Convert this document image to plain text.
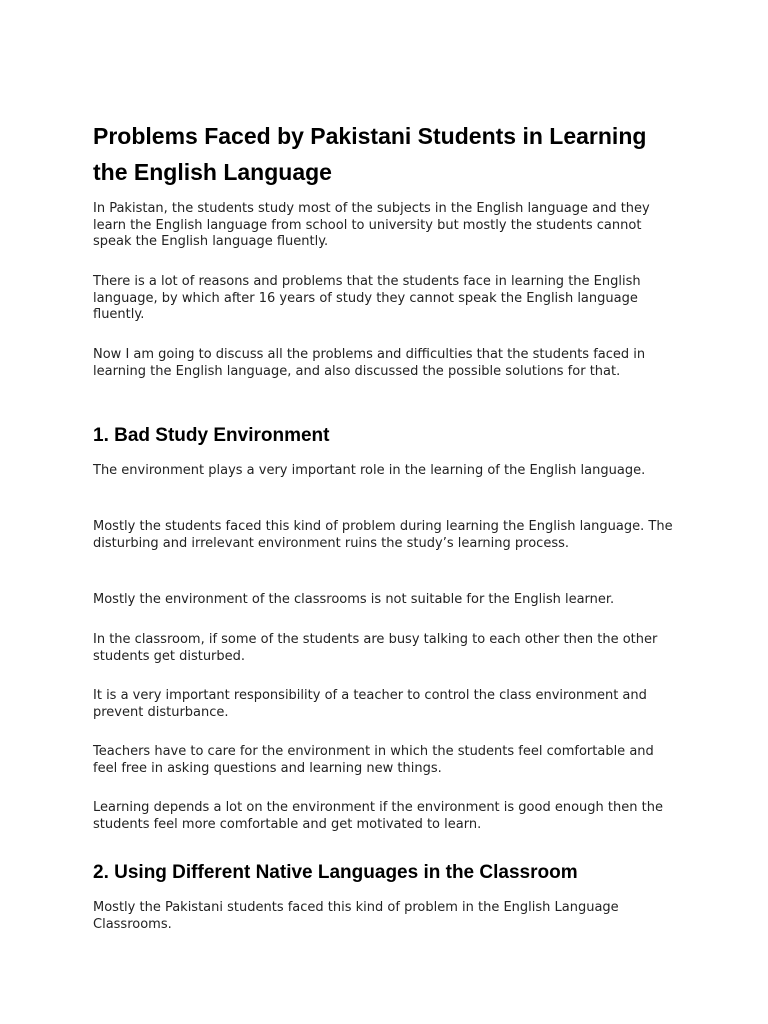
Problems Faced by Pakistani Students in Learning the English Language

In Pakistan, the students study most of the subjects in the English language and they learn the English language from school to university but mostly the students cannot speak the English language fluently.

There is a lot of reasons and problems that the students face in learning the English language, by which after 16 years of study they cannot speak the English language fluently.

Now I am going to discuss all the problems and difficulties that the students faced in learning the English language, and also discussed the possible solutions for that.

1. Bad Study Environment

The environment plays a very important role in the learning of the English language.

Mostly the students faced this kind of problem during learning the English language. The disturbing and irrelevant environment ruins the study’s learning process.

Mostly the environment of the classrooms is not suitable for the English learner.

In the classroom, if some of the students are busy talking to each other then the other students get disturbed.

It is a very important responsibility of a teacher to control the class environment and prevent disturbance.

Teachers have to care for the environment in which the students feel comfortable and feel free in asking questions and learning new things.

Learning depends a lot on the environment if the environment is good enough then the students feel more comfortable and get motivated to learn.

2. Using Different Native Languages in the Classroom

Mostly the Pakistani students faced this kind of problem in the English Language Classrooms.
